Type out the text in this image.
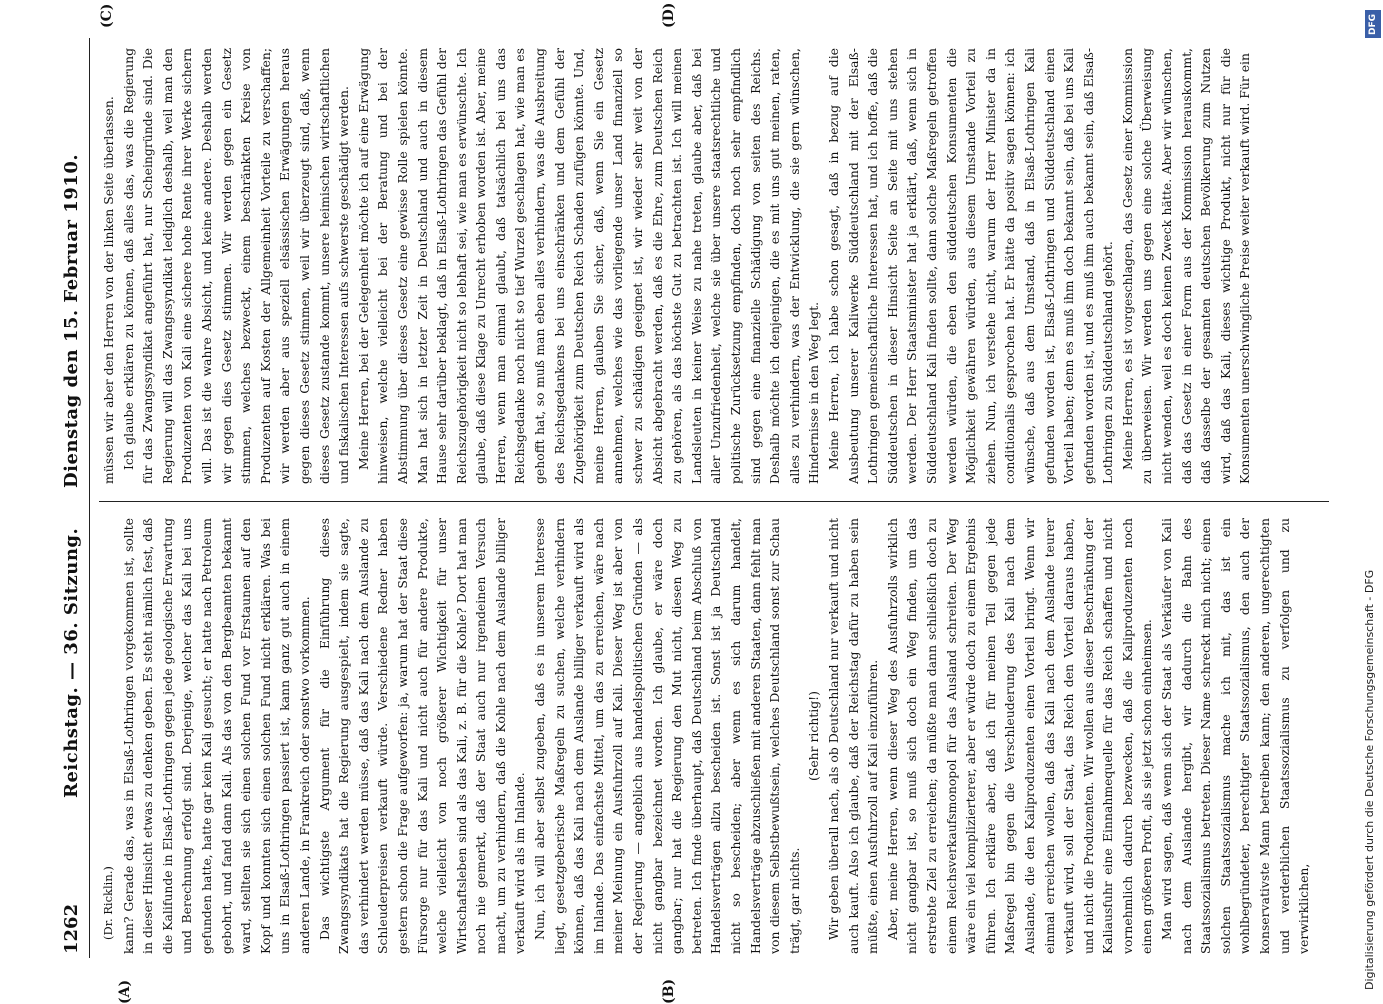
DFG
Digitalisierung gefördert durch die Deutsche Forschungsgemeinschaft - DFG
1262
Reichstag. — 36. Sitzung.
Dienstag den 15. Februar 1910.
(A)	(B)
(C)	(D)

(Dr. Ricklin.) kann? Gerade das, was in Elsaß-Lothringen vorgekommen ist, sollte in dieser Hinsicht etwas zu denken geben. Es steht nämlich fest, daß die Kalifunde in Elsaß-Lothringen gegen jede geologische Erwartung und Berechnung erfolgt sind. Derjenige, welcher das Kali bei uns gefunden hatte, hatte gar kein Kali gesucht; er hatte nach Petroleum gebohrt, und fand dann Kali. Als das von den Bergbeamten bekannt ward, stellten sie sich einen solchen Fund vor Erstaunen auf den Kopf und konnten sich einen solchen Fund nicht erklären. Was bei uns in Elsaß-Lothringen passiert ist, kann ganz gut auch in einem anderen Lande, in Frankreich oder sonstwo vorkommen. Das wichtigste Argument für die Einführung dieses Zwangssyndikats hat die Regierung ausgespielt, indem sie sagte, das verhindert werden müsse, daß das Kali nach dem Auslande zu Schleuderpreisen verkauft würde. Verschiedene Redner haben gestern schon die Frage aufgeworfen: ja, warum hat der Staat diese Fürsorge nur für das Kali und nicht auch für andere Produkte, welche vielleicht von noch größerer Wichtigkeit für unser Wirtschaftsleben sind als das Kali, z. B. für die Kohle? Dort hat man noch nie gemerkt, daß der Staat auch nur irgendeinen Versuch macht, um zu verhindern, daß die Kohle nach dem Auslande billiger verkauft wird als im Inlande. Nun, ich will aber selbst zugeben, daß es in unserem Interesse liegt, gesetzgeberische Maßregeln zu suchen, welche verhindern können, daß das Kali nach dem Auslande billiger verkauft wird als im Inlande. Das einfachste Mittel, um das zu erreichen, wäre nach meiner Meinung ein Ausfuhrzoll auf Kali. Dieser Weg ist aber von der Regierung — angeblich aus handelspolitischen Gründen — als nicht gangbar bezeichnet worden. Ich glaube, er wäre doch gangbar; nur hat die Regierung den Mut nicht, diesen Weg zu betreten. Ich finde überhaupt, daß Deutschland beim Abschluß von Handelsverträgen allzu bescheiden ist. Sonst ist ja Deutschland nicht so bescheiden; aber wenn es sich darum handelt, Handelsverträge abzuschließen mit anderen Staaten, dann fehlt man von diesem Selbstbewußtsein, welches Deutschland sonst zur Schau trägt, gar nichts.

(Sehr richtig!) Wir geben überall nach, als ob Deutschland nur verkauft und nicht auch kauft. Also ich glaube, daß der Reichstag dafür zu haben sein müßte, einen Ausfuhrzoll auf Kali einzuführen. Aber, meine Herren, wenn dieser Weg des Ausfuhrzolls wirklich nicht gangbar ist, so muß sich doch ein Weg finden, um das erstrebte Ziel zu erreichen; da müßte man dann schließlich doch zu einem Reichsverkaufsmonopol für das Ausland schreiten. Der Weg wäre ein viel komplizierterer, aber er würde doch zu einem Ergebnis führen. Ich erkläre aber, daß ich für meinen Teil gegen jede Maßregel bin gegen die Verschleuderung des Kali nach dem Auslande, die den Kaliproduzenten einen Vorteil bringt. Wenn wir einmal erreichen wollen, daß das Kali nach dem Auslande teurer verkauft wird, soll der Staat, das Reich den Vorteil daraus haben, und nicht die Produzenten. Wir wollen aus dieser Beschränkung der Kaliausfuhr eine Einnahmequelle für das Reich schaffen und nicht vornehmlich dadurch bezwecken, daß die Kaliproduzenten noch einen größeren Profit, als sie jetzt schon einheimsen. Man wird sagen, daß wenn sich der Staat als Verkäufer von Kali nach dem Auslande hergibt, wir dadurch die Bahn des Staatssozialismus betreten. Dieser Name schreckt mich nicht; einen solchen Staatssozialismus mache ich mit, das ist ein wohlbegründeter, berechtigter Staatssozialismus, den auch der konservativste Mann betreiben kann; den anderen, ungerechtigten und verderblichen Staatssozialismus zu verfolgen und zu verwirklichen,

müssen wir aber den Herren von der linken Seite überlassen. Ich glaube erklären zu können, daß alles das, was die Regierung für das Zwangssyndikat angeführt hat, nur Scheingründe sind. Die Regierung will das Zwangssyndikat lediglich deshalb, weil man den Produzenten von Kali eine sichere hohe Rente ihrer Werke sichern will. Das ist die wahre Absicht, und keine andere. Deshalb werden wir gegen dies Gesetz stimmen. Wir werden gegen ein Gesetz stimmen, welches bezweckt, einem beschränkten Kreise von Produzenten auf Kosten der Allgemeinheit Vorteile zu verschaffen; wir werden aber aus speziell elsässischen Erwägungen heraus gegen dieses Gesetz stimmen, weil wir überzeugt sind, daß, wenn dieses Gesetz zustande kommt, unsere heimischen wirtschaftlichen und fiskalischen Interessen aufs schwerste geschädigt werden. Meine Herren, bei der Gelegenheit möchte ich auf eine Erwägung hinweisen, welche vielleicht bei der Beratung und bei der Abstimmung über dieses Gesetz eine gewisse Rolle spielen könnte. Man hat sich in letzter Zeit in Deutschland und auch in diesem Hause sehr darüber beklagt, daß in Elsaß-Lothringen das Gefühl der Reichszugehörigkeit nicht so lebhaft sei, wie man es erwünschte. Ich glaube, daß diese Klage zu Unrecht erhoben worden ist. Aber, meine Herren, wenn man einmal glaubt, daß tatsächlich bei uns das Reichsgedanke noch nicht so tief Wurzel geschlagen hat, wie man es gehofft hat, so muß man eben alles verhindern, was die Ausbreitung des Reichsgedankens bei uns einschränken und dem Gefühl der Zugehörigkeit zum Deutschen Reich Schaden zufügen könnte. Und, meine Herren, glauben Sie sicher, daß, wenn Sie ein Gesetz annehmen, welches wie das vorliegende unser Land finanziell so schwer zu schädigen geeignet ist, wir wieder sehr weit von der Absicht abgebracht werden, daß es die Ehre, zum Deutschen Reich zu gehören, als das höchste Gut zu betrachten ist. Ich will meinen Landsleuten in keiner Weise zu nahe treten, glaube aber, daß bei aller Unzufriedenheit, welche sie über unsere staatsrechtliche und politische Zurücksetzung empfinden, doch noch sehr empfindlich sind gegen eine finanzielle Schädigung von seiten des Reichs. Deshalb möchte ich denjenigen, die es mit uns gut meinen, raten, alles zu verhindern, was der Entwicklung, die sie gern wünschen, Hindernisse in den Weg legt. Meine Herren, ich habe schon gesagt, daß in bezug auf die Ausbeutung unserer Kaliwerke Süddeutschland mit der Elsaß-Lothringen gemeinschaftliche Interessen hat, und ich hoffe, daß die Süddeutschen in dieser Hinsicht Seite an Seite mit uns stehen werden. Der Herr Staatsminister hat ja erklärt, daß, wenn sich in Süddeutschland Kali finden sollte, dann solche Maßregeln getroffen werden würden, die eben den süddeutschen Konsumenten die Möglichkeit gewähren würden, aus diesem Umstande Vorteil zu ziehen. Nun, ich verstehe nicht, warum der Herr Minister da in conditionalis gesprochen hat. Er hätte da positiv sagen können: ich wünsche, daß aus dem Umstand, daß in Elsaß-Lothringen Kali gefunden worden ist, Elsaß-Lothringen und Süddeutschland einen Vorteil haben; denn es muß ihm doch bekannt sein, daß bei uns Kali gefunden worden ist, und es muß ihm auch bekannt sein, daß Elsaß-Lothringen zu Süddeutschland gehört. Meine Herren, es ist vorgeschlagen, das Gesetz einer Kommission zu überweisen. Wir werden uns gegen eine solche Überweisung nicht wenden, weil es doch keinen Zweck hätte. Aber wir wünschen, daß das Gesetz in einer Form aus der Kommission herauskommt, daß dasselbe der gesamten deutschen Bevölkerung zum Nutzen wird, daß das Kali, dieses wichtige Produkt, nicht nur für die Konsumenten unerschwingliche Preise weiter verkauft wird. Für ein
